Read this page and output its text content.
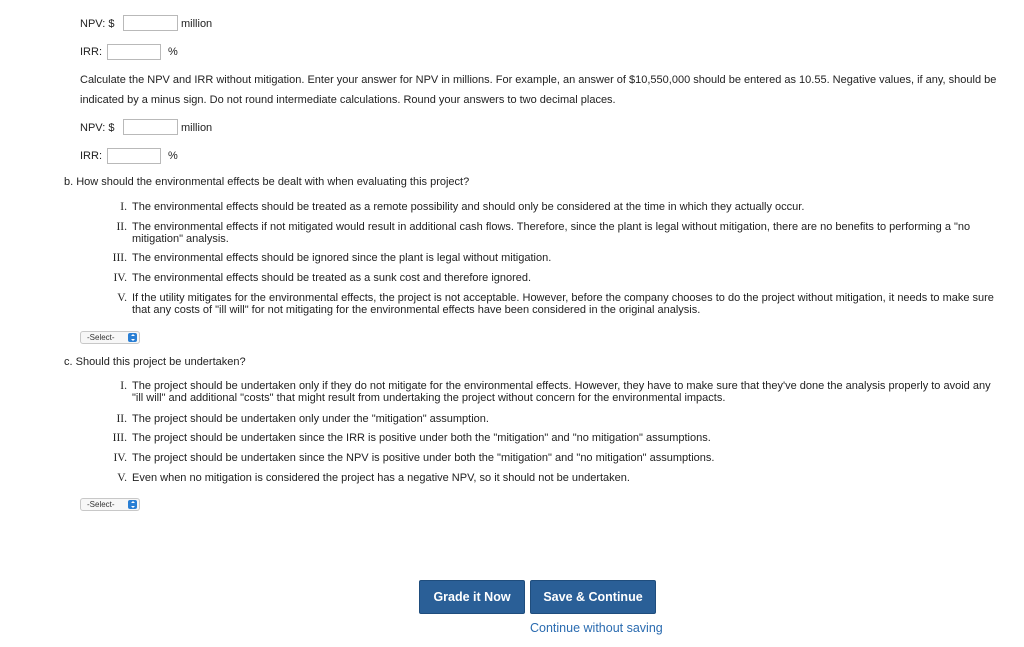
NPV: $	million
IRR:	%
Calculate the NPV and IRR without mitigation. Enter your answer for NPV in millions. For example, an answer of $10,550,000 should be entered as 10.55. Negative values, if any, should be indicated by a minus sign. Do not round intermediate calculations. Round your answers to two decimal places.
NPV: $	million
IRR:	%
b. How should the environmental effects be dealt with when evaluating this project?
I. The environmental effects should be treated as a remote possibility and should only be considered at the time in which they actually occur.
II. The environmental effects if not mitigated would result in additional cash flows. Therefore, since the plant is legal without mitigation, there are no benefits to performing a "no mitigation" analysis.
III. The environmental effects should be ignored since the plant is legal without mitigation.
IV. The environmental effects should be treated as a sunk cost and therefore ignored.
V. If the utility mitigates for the environmental effects, the project is not acceptable. However, before the company chooses to do the project without mitigation, it needs to make sure that any costs of "ill will" for not mitigating for the environmental effects have been considered in the original analysis.
-Select-
c. Should this project be undertaken?
I. The project should be undertaken only if they do not mitigate for the environmental effects. However, they have to make sure that they've done the analysis properly to avoid any "ill will" and additional "costs" that might result from undertaking the project without concern for the environmental impacts.
II. The project should be undertaken only under the "mitigation" assumption.
III. The project should be undertaken since the IRR is positive under both the "mitigation" and "no mitigation" assumptions.
IV. The project should be undertaken since the NPV is positive under both the "mitigation" and "no mitigation" assumptions.
V. Even when no mitigation is considered the project has a negative NPV, so it should not be undertaken.
-Select-
Grade it Now	Save & Continue
Continue without saving
